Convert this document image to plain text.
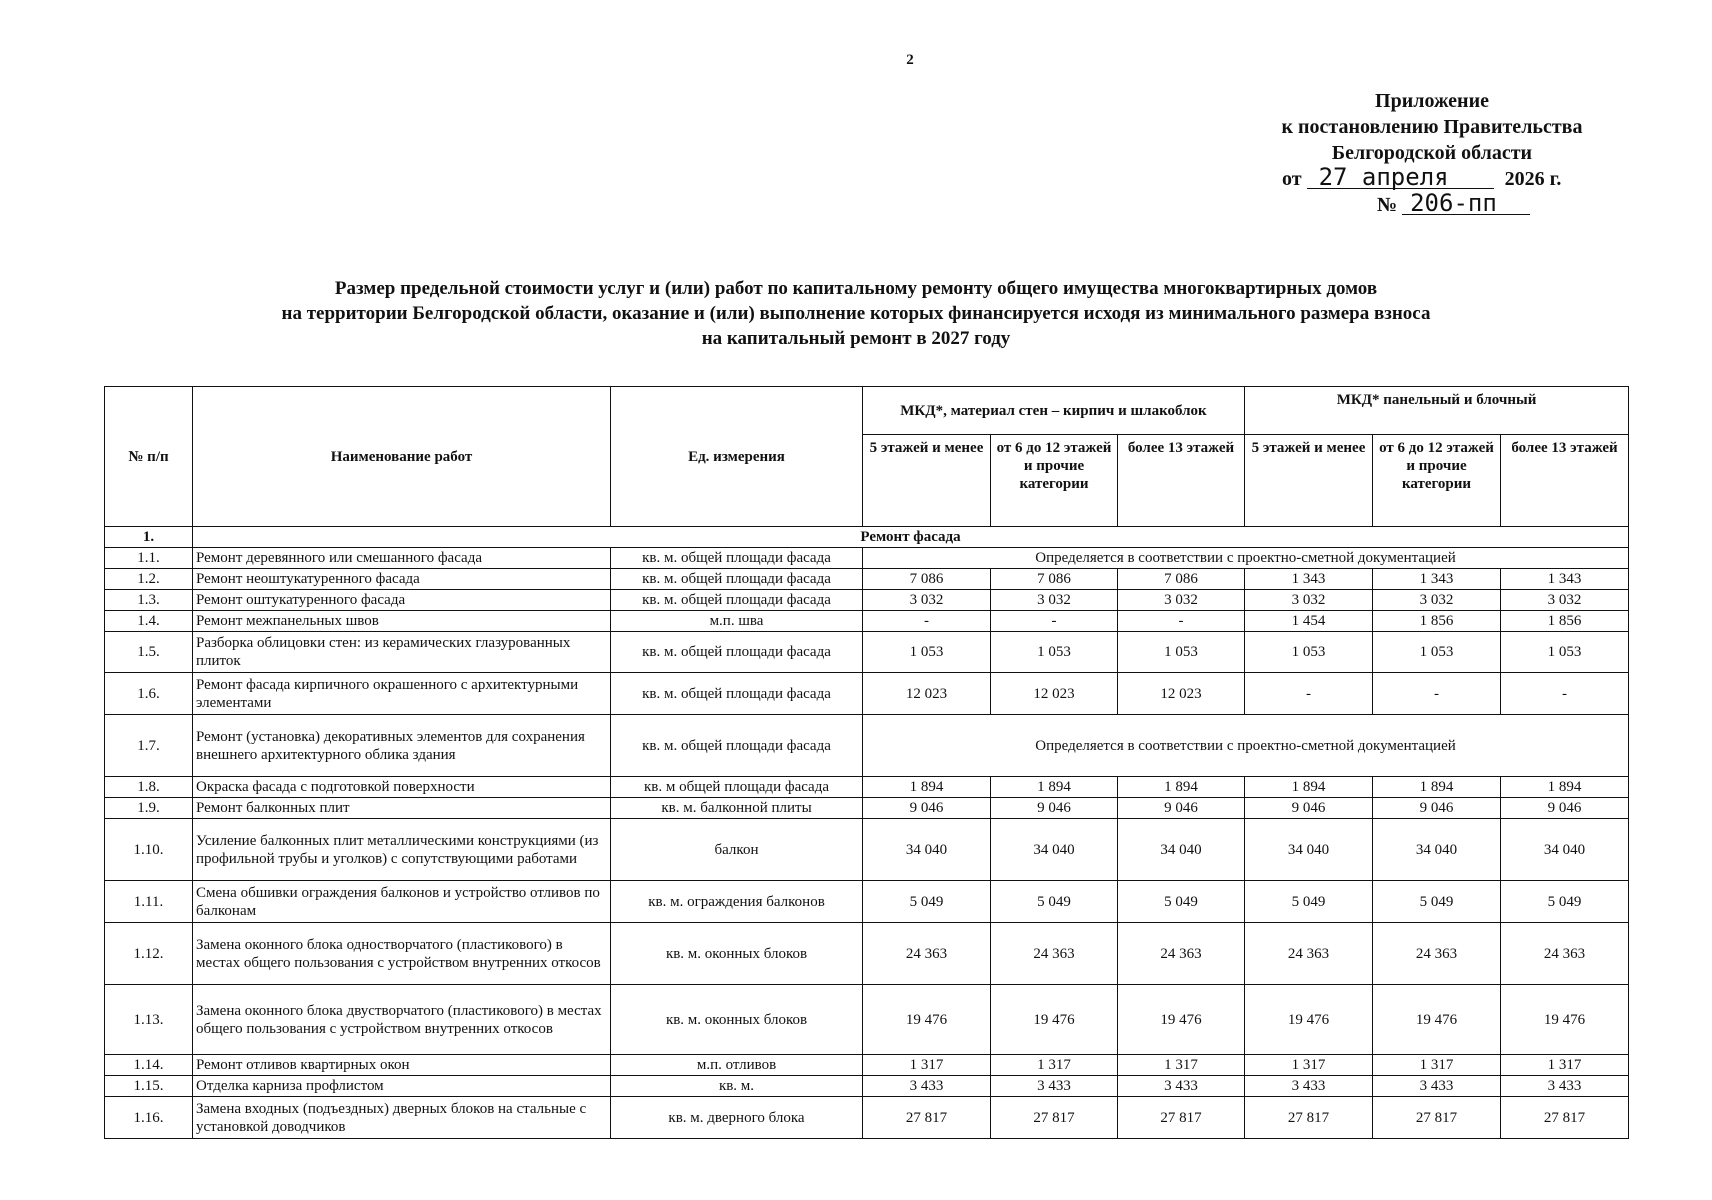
2
Приложение
к постановлению Правительства
Белгородской области
от 27 апреля	2026 г.
№ 206-пп
Размер предельной стоимости услуг и (или) работ по капитальному ремонту общего имущества многоквартирных домов
на территории Белгородской области, оказание и (или) выполнение которых финансируется исходя из минимального размера взноса
на капитальный ремонт в 2027 году
№ п/п	Наименование работ	Ед. измерения	МКД*, материал стен – кирпич и шлакоблок			МКД* панельный и блочный		
			5 этажей и менее	от 6 до 12 этажей и прочие категории	более 13 этажей	5 этажей и менее	от 6 до 12 этажей и прочие категории	более 13 этажей
1.	Ремонт фасада							
1.1.	Ремонт деревянного или смешанного фасада	кв. м. общей площади фасада	Определяется в соответствии с проектно-сметной документацией					
1.2.	Ремонт неоштукатуренного фасада	кв. м. общей площади фасада	7 086	7 086	7 086	1 343	1 343	1 343
1.3.	Ремонт оштукатуренного фасада	кв. м. общей площади фасада	3 032	3 032	3 032	3 032	3 032	3 032
1.4.	Ремонт межпанельных швов	м.п. шва	-	-	-	1 454	1 856	1 856
1.5.	Разборка облицовки стен: из керамических глазурованных плиток	кв. м. общей площади фасада	1 053	1 053	1 053	1 053	1 053	1 053
1.6.	Ремонт фасада кирпичного окрашенного с архитектурными элементами	кв. м. общей площади фасада	12 023	12 023	12 023	-	-	-
1.7.	Ремонт (установка) декоративных элементов для сохранения внешнего архитектурного облика здания	кв. м. общей площади фасада	Определяется в соответствии с проектно-сметной документацией					
1.8.	Окраска фасада с подготовкой поверхности	кв. м общей площади фасада	1 894	1 894	1 894	1 894	1 894	1 894
1.9.	Ремонт балконных плит	кв. м. балконной плиты	9 046	9 046	9 046	9 046	9 046	9 046
1.10.	Усиление балконных плит металлическими конструкциями (из профильной трубы и уголков) с сопутствующими работами	балкон	34 040	34 040	34 040	34 040	34 040	34 040
1.11.	Смена обшивки ограждения балконов и устройство отливов по балконам	кв. м. ограждения балконов	5 049	5 049	5 049	5 049	5 049	5 049
1.12.	Замена оконного блока одностворчатого (пластикового) в местах общего пользования с устройством внутренних откосов	кв. м. оконных блоков	24 363	24 363	24 363	24 363	24 363	24 363
1.13.	Замена оконного блока двустворчатого (пластикового) в местах общего пользования с устройством внутренних откосов	кв. м. оконных блоков	19 476	19 476	19 476	19 476	19 476	19 476
1.14.	Ремонт отливов квартирных окон	м.п. отливов	1 317	1 317	1 317	1 317	1 317	1 317
1.15.	Отделка карниза профлистом	кв. м.	3 433	3 433	3 433	3 433	3 433	3 433
1.16.	Замена входных (подъездных) дверных блоков на стальные с установкой доводчиков	кв. м. дверного блока	27 817	27 817	27 817	27 817	27 817	27 817
